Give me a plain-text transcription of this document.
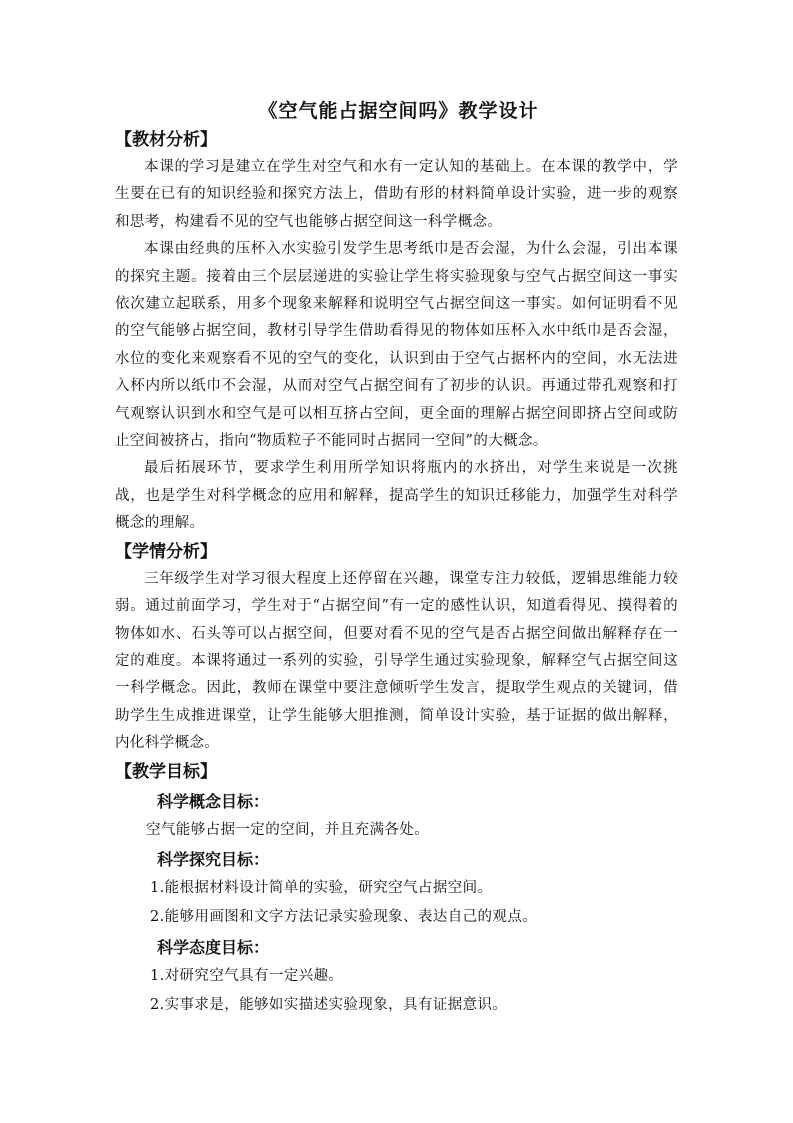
《空气能占据空间吗》教学设计
【教材分析】

本课的学习是建立在学生对空气和水有一定认知的基础上。在本课的教学中，学生要在已有的知识经验和探究方法上，借助有形的材料简单设计实验，进一步的观察和思考，构建看不见的空气也能够占据空间这一科学概念。

本课由经典的压杯入水实验引发学生思考纸巾是否会湿，为什么会湿，引出本课的探究主题。接着由三个层层递进的实验让学生将实验现象与空气占据空间这一事实依次建立起联系，用多个现象来解释和说明空气占据空间这一事实。如何证明看不见的空气能够占据空间，教材引导学生借助看得见的物体如压杯入水中纸巾是否会湿，水位的变化来观察看不见的空气的变化，认识到由于空气占据杯内的空间，水无法进入杯内所以纸巾不会湿，从而对空气占据空间有了初步的认识。再通过带孔观察和打气观察认识到水和空气是可以相互挤占空间，更全面的理解占据空间即挤占空间或防止空间被挤占，指向“物质粒子不能同时占据同一空间”的大概念。

最后拓展环节，要求学生利用所学知识将瓶内的水挤出，对学生来说是一次挑战，也是学生对科学概念的应用和解释，提高学生的知识迁移能力，加强学生对科学概念的理解。

【学情分析】

三年级学生对学习很大程度上还停留在兴趣，课堂专注力较低，逻辑思维能力较弱。通过前面学习，学生对于“占据空间”有一定的感性认识，知道看得见、摸得着的物体如水、石头等可以占据空间，但要对看不见的空气是否占据空间做出解释存在一定的难度。本课将通过一系列的实验，引导学生通过实验现象，解释空气占据空间这一科学概念。因此，教师在课堂中要注意倾听学生发言，提取学生观点的关键词，借助学生生成推进课堂，让学生能够大胆推测，简单设计实验，基于证据的做出解释，内化科学概念。

【教学目标】
科学概念目标：

空气能够占据一定的空间，并且充满各处。

科学探究目标：

1.能根据材料设计简单的实验，研究空气占据空间。

2.能够用画图和文字方法记录实验现象、表达自己的观点。

科学态度目标：

1.对研究空气具有一定兴趣。

2.实事求是，能够如实描述实验现象，具有证据意识。
